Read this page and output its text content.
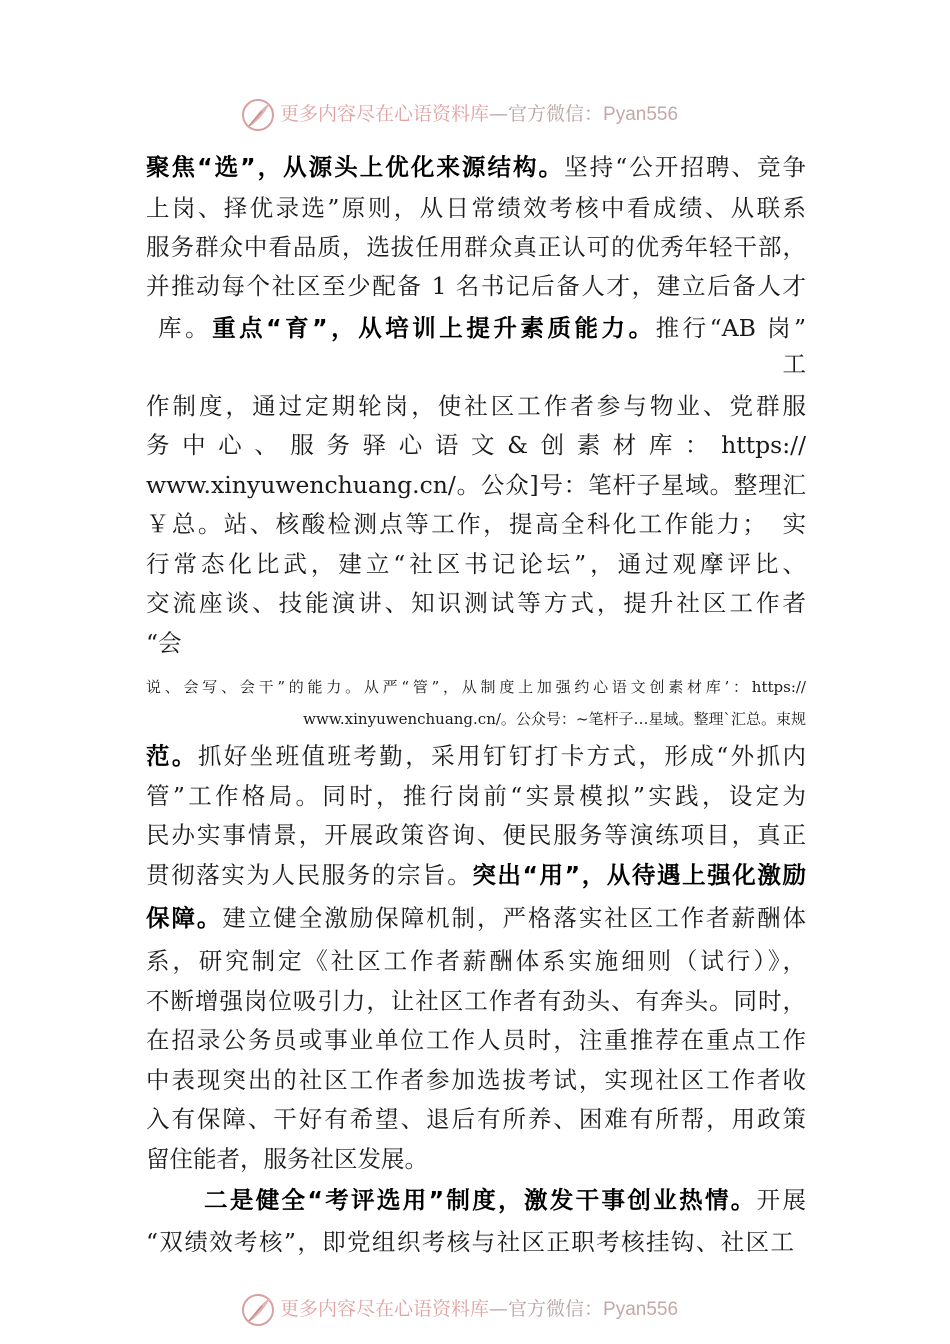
更多内容尽在心语资料库—官方微信：Pyan556
聚焦“选”，从源头上优化来源结构。坚持“公开招聘、竞争
上岗、择优录选”原则，从日常绩效考核中看成绩、从联系
服务群众中看品质，选拔任用群众真正认可的优秀年轻干部，
并推动每个社区至少配备 1 名书记后备人才，建立后备人才
库。重点“育”，从培训上提升素质能力。推行“AB 岗”
工
作制度，通过定期轮岗，使社区工作者参与物业、党群服
务中心、服务驿心语文&创素材库：https://
www.xinyuwenchuang.cn/。公众]号：笔杆子星域。整理汇
￥总。站、核酸检测点等工作，提高全科化工作能力；　实
行常态化比武，建立“社区书记论坛”，通过观摩评比、
交流座谈、技能演讲、知识测试等方式，提升社区工作者
“会
说、会写、会干”的能力。从严“管”，从制度上加强约心语文创素材库’：https://
www.xinyuwenchuang.cn/。公众号：~笔杆子…星域。整理`汇总。束规
范。抓好坐班值班考勤，采用钉钉打卡方式，形成“外抓内
管”工作格局。同时，推行岗前“实景模拟”实践，设定为
民办实事情景，开展政策咨询、便民服务等演练项目，真正
贯彻落实为人民服务的宗旨。突出“用”，从待遇上强化激励
保障。建立健全激励保障机制，严格落实社区工作者薪酬体
系，研究制定《社区工作者薪酬体系实施细则（试行）》，
不断增强岗位吸引力，让社区工作者有劲头、有奔头。同时，
在招录公务员或事业单位工作人员时，注重推荐在重点工作
中表现突出的社区工作者参加选拔考试，实现社区工作者收
入有保障、干好有希望、退后有所养、困难有所帮，用政策
留住能者，服务社区发展。
二是健全“考评选用”制度，激发干事创业热情。开展
“双绩效考核”，即党组织考核与社区正职考核挂钩、社区工
更多内容尽在心语资料库—官方微信：Pyan556
